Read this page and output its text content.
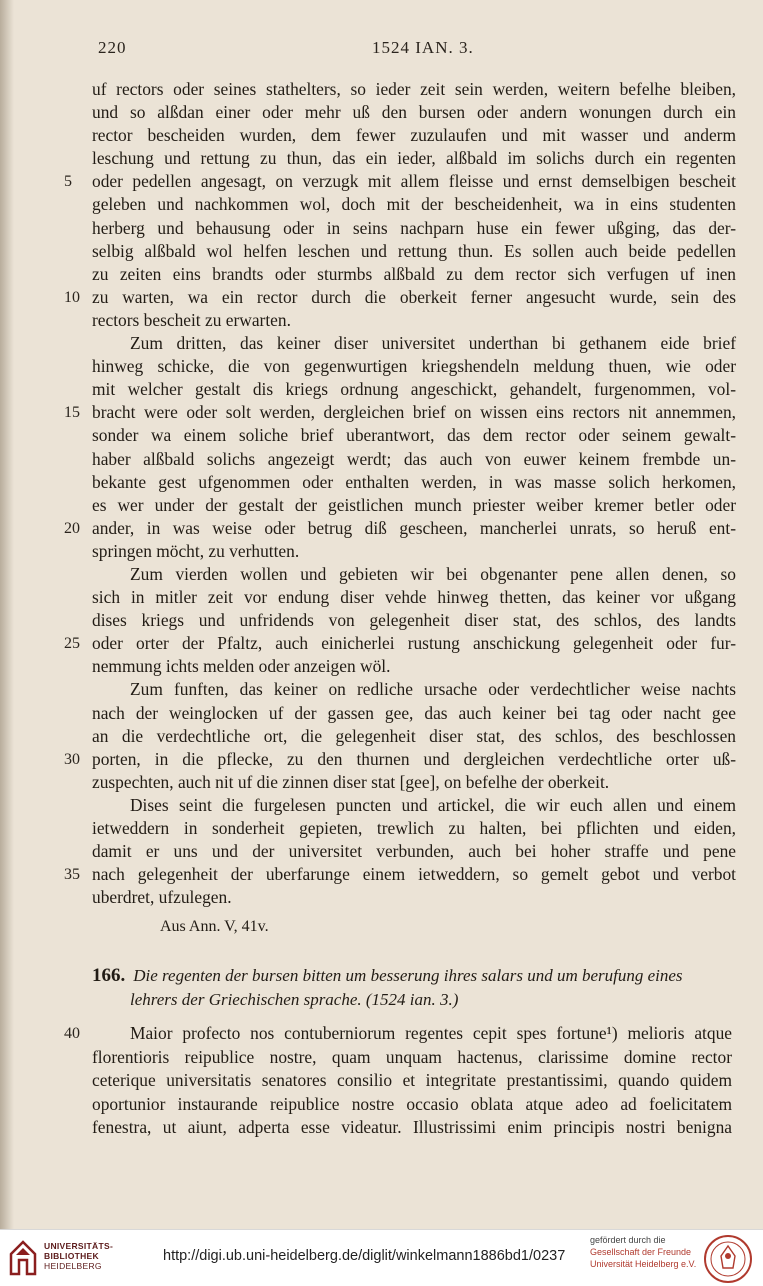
220	1524 IAN. 3.
uf rectors oder seines stathelters, so ieder zeit sein werden, weitern befelhe bleiben,
und so alßdan einer oder mehr uß den bursen oder andern wonungen durch ein
rector bescheiden wurden, dem fewer zuzulaufen und mit wasser und anderm
leschung und rettung zu thun, das ein ieder, alßbald im solichs durch ein regenten
oder pedellen angesagt, on verzugk mit allem fleisse und ernst demselbigen bescheit
5
geleben und nachkommen wol, doch mit der bescheidenheit, wa in eins studenten
herberg und behausung oder in seins nachparn huse ein fewer ußging, das der-
selbig alßbald wol helfen leschen und rettung thun. Es sollen auch beide pedellen
zu zeiten eins brandts oder sturmbs alßbald zu dem rector sich verfugen uf inen
zu warten, wa ein rector durch die oberkeit ferner angesucht wurde, sein des
10
rectors bescheit zu erwarten.
Zum dritten, das keiner diser universitet underthan bi gethanem eide brief
hinweg schicke, die von gegenwurtigen kriegshendeln meldung thuen, wie oder
mit welcher gestalt dis kriegs ordnung angeschickt, gehandelt, furgenommen, vol-
bracht were oder solt werden, dergleichen brief on wissen eins rectors nit annemmen,
15
sonder wa einem soliche brief uberantwort, das dem rector oder seinem gewalt-
haber alßbald solichs angezeigt werdt; das auch von euwer keinem frembde un-
bekante gest ufgenommen oder enthalten werden, in was masse solich herkomen,
es wer under der gestalt der geistlichen munch priester weiber kremer betler oder
ander, in was weise oder betrug diß gescheen, mancherlei unrats, so heruß ent-
20
springen möcht, zu verhutten.
Zum vierden wollen und gebieten wir bei obgenanter pene allen denen, so
sich in mitler zeit vor endung diser vehde hinweg thetten, das keiner vor ußgang
dises kriegs und unfridends von gelegenheit diser stat, des schlos, des landts
oder orter der Pfaltz, auch einicherlei rustung anschickung gelegenheit oder fur-
25
nemmung ichts melden oder anzeigen wöl.
Zum funften, das keiner on redliche ursache oder verdechtlicher weise nachts
nach der weinglocken uf der gassen gee, das auch keiner bei tag oder nacht gee
an die verdechtliche ort, die gelegenheit diser stat, des schlos, des beschlossen
porten, in die pflecke, zu den thurnen und dergleichen verdechtliche orter uß-
30
zuspechten, auch nit uf die zinnen diser stat [gee], on befelhe der oberkeit.
Dises seint die furgelesen puncten und artickel, die wir euch allen und einem
ietweddern in sonderheit gepieten, trewlich zu halten, bei pflichten und eiden,
damit er uns und der universitet verbunden, auch bei hoher straffe und pene
nach gelegenheit der uberfarunge einem ietweddern, so gemelt gebot und verbot
35
uberdret, ufzulegen.
Aus Ann. V, 41v.
166. Die regenten der bursen bitten um besserung ihres salars und um berufung eines
lehrers der Griechischen sprache. (1524 ian. 3.)
Maior profecto nos contuberniorum regentes cepit spes fortune¹) melioris atque
40
florentioris reipublice nostre, quam unquam hactenus, clarissime domine rector
ceterique universitatis senatores consilio et integritate prestantissimi, quando quidem
oportunior instaurande reipublice nostre occasio oblata atque adeo ad foelicitatem
fenestra, ut aiunt, adperta esse videatur. Illustrissimi enim principis nostri benigna
UNIVERSITÄTS-
BIBLIOTHEK
HEIDELBERG
http://digi.ub.uni-heidelberg.de/diglit/winkelmann1886bd1/0237
gefördert durch die
Gesellschaft der Freunde
Universität Heidelberg e.V.
